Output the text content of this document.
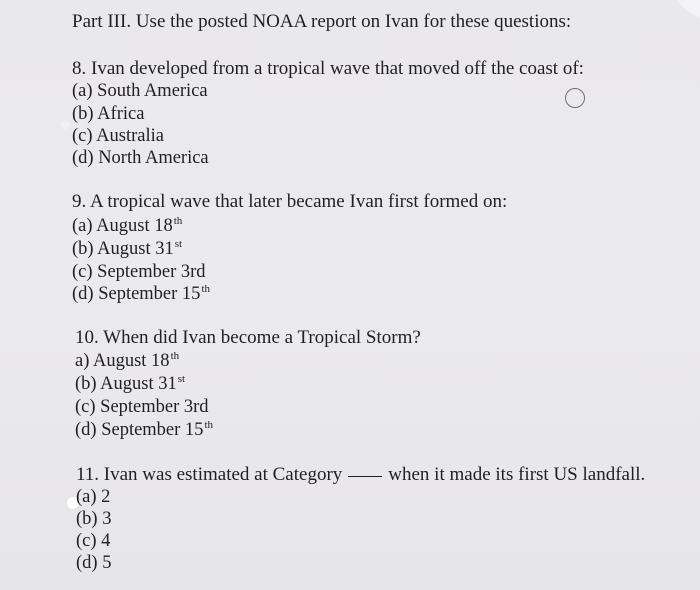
Part III. Use the posted NOAA report on Ivan for these questions:
8. Ivan developed from a tropical wave that moved off the coast of:
(a) South America
(b) Africa
(c) Australia
(d) North America
9. A tropical wave that later became Ivan first formed on:
(a) August 18th
(b) August 31st
(c) September 3rd
(d) September 15th
10. When did Ivan become a Tropical Storm?
a) August 18th
(b) August 31st
(c) September 3rd
(d) September 15th
11. Ivan was estimated at Category when it made its first US landfall.
(a) 2
(b) 3
(c) 4
(d) 5
